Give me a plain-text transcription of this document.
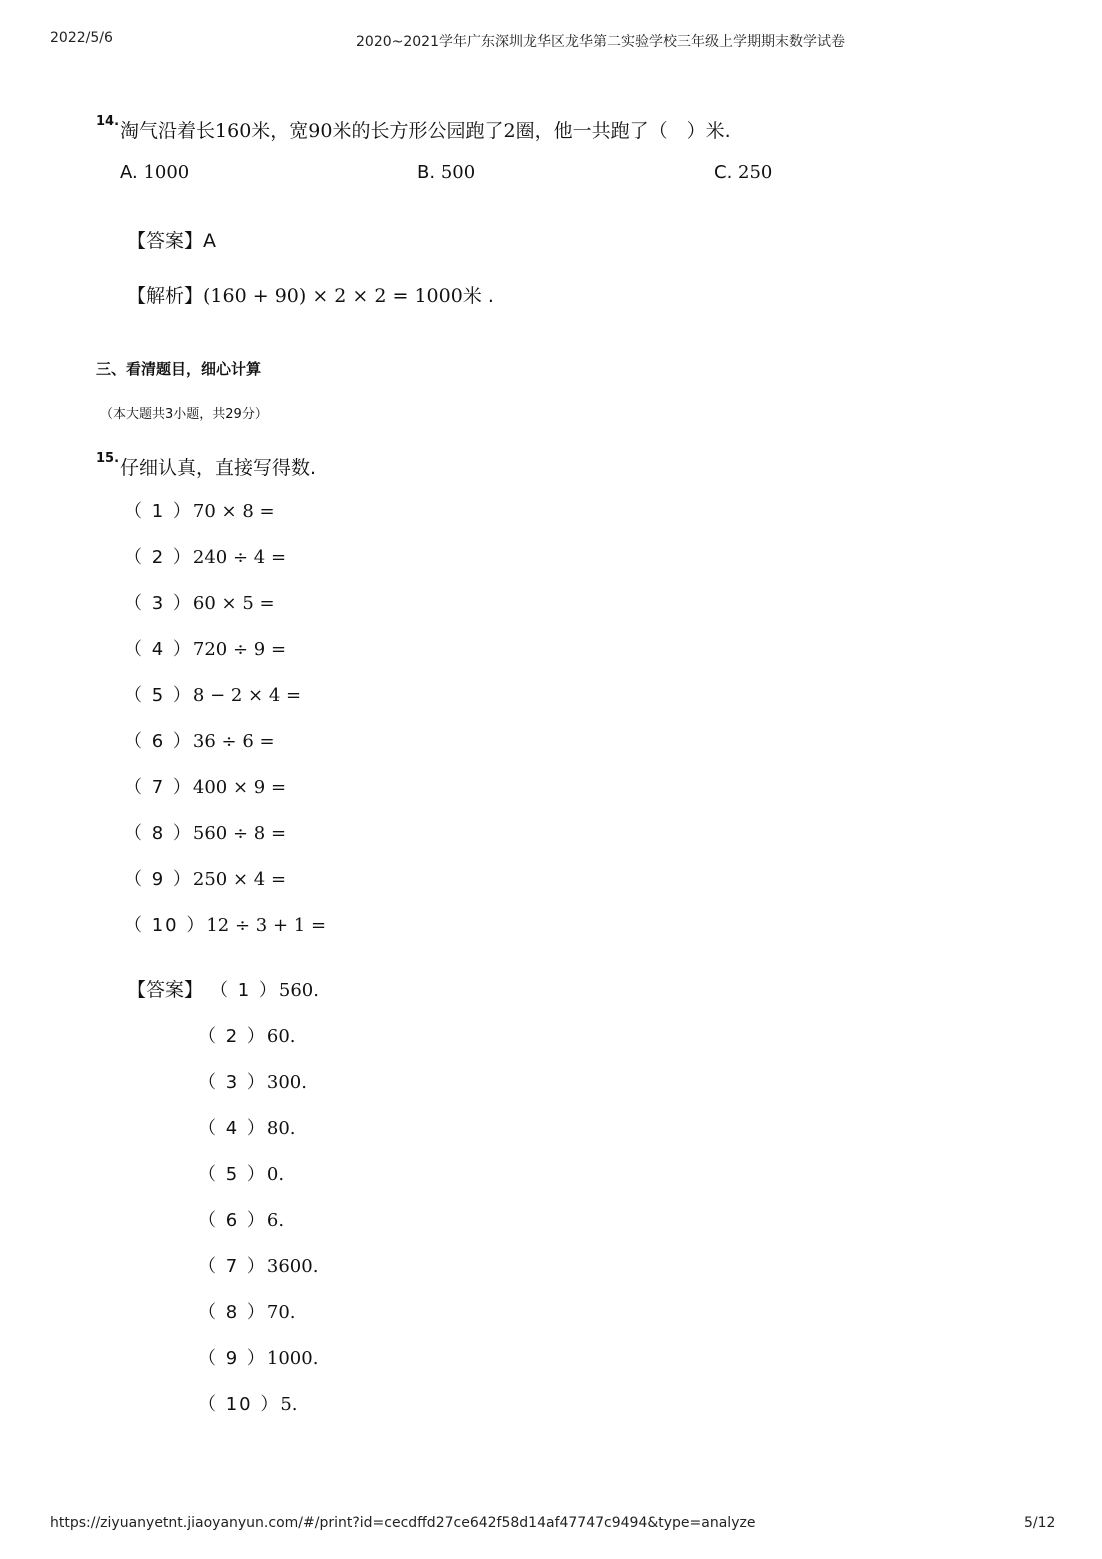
2022/5/6	2020~2021学年广东深圳龙华区龙华第二实验学校三年级上学期期末数学试卷
14. 淘气沿着长160米，宽90米的长方形公园跑了2圈，他一共跑了（　）米.
A. 1000	B. 500	C. 250
【答案】A
【解析】(160 + 90) × 2 × 2 = 1000米 .
三、看清题目，细心计算
（本大题共3小题，共29分）
15. 仔细认真，直接写得数.
（ 1 ）70 × 8 =
（ 2 ）240 ÷ 4 =
（ 3 ）60 × 5 =
（ 4 ）720 ÷ 9 =
（ 5 ）8 − 2 × 4 =
（ 6 ）36 ÷ 6 =
（ 7 ）400 × 9 =
（ 8 ）560 ÷ 8 =
（ 9 ）250 × 4 =
（ 10 ）12 ÷ 3 + 1 =
【答案】 （ 1 ）560.
（ 2 ）60.
（ 3 ）300.
（ 4 ）80.
（ 5 ）0.
（ 6 ）6.
（ 7 ）3600.
（ 8 ）70.
（ 9 ）1000.
（ 10 ）5.
https://ziyuanyetnt.jiaoyanyun.com/#/print?id=cecdffd27ce642f58d14af47747c9494&type=analyze	5/12
